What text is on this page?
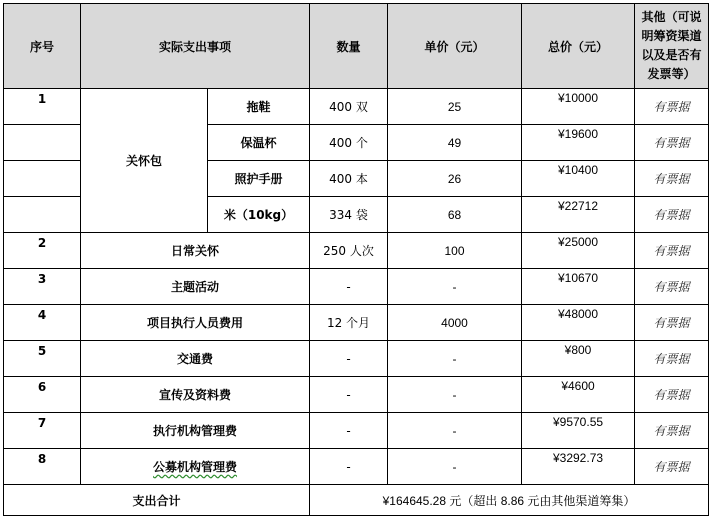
序号	实际支出事项		数量	单价（元）	总价（元）	其他（可说明筹资渠道以及是否有发票等）
1	关怀包	拖鞋	400 双	25	¥10000	有票据
		保温杯	400 个	49	¥19600	有票据
		照护手册	400 本	26	¥10400	有票据
		米（10kg）	334 袋	68	¥22712	有票据
2	日常关怀		250 人次	100	¥25000	有票据
3	主题活动		-	-	¥10670	有票据
4	项目执行人员费用		12 个月	4000	¥48000	有票据
5	交通费		-	-	¥800	有票据
6	宣传及资料费		-	-	¥4600	有票据
7	执行机构管理费		-	-	¥9570.55	有票据
8	公募机构管理费		-	-	¥3292.73	有票据
支出合计			¥164645.28 元（超出 8.86 元由其他渠道筹集）			
